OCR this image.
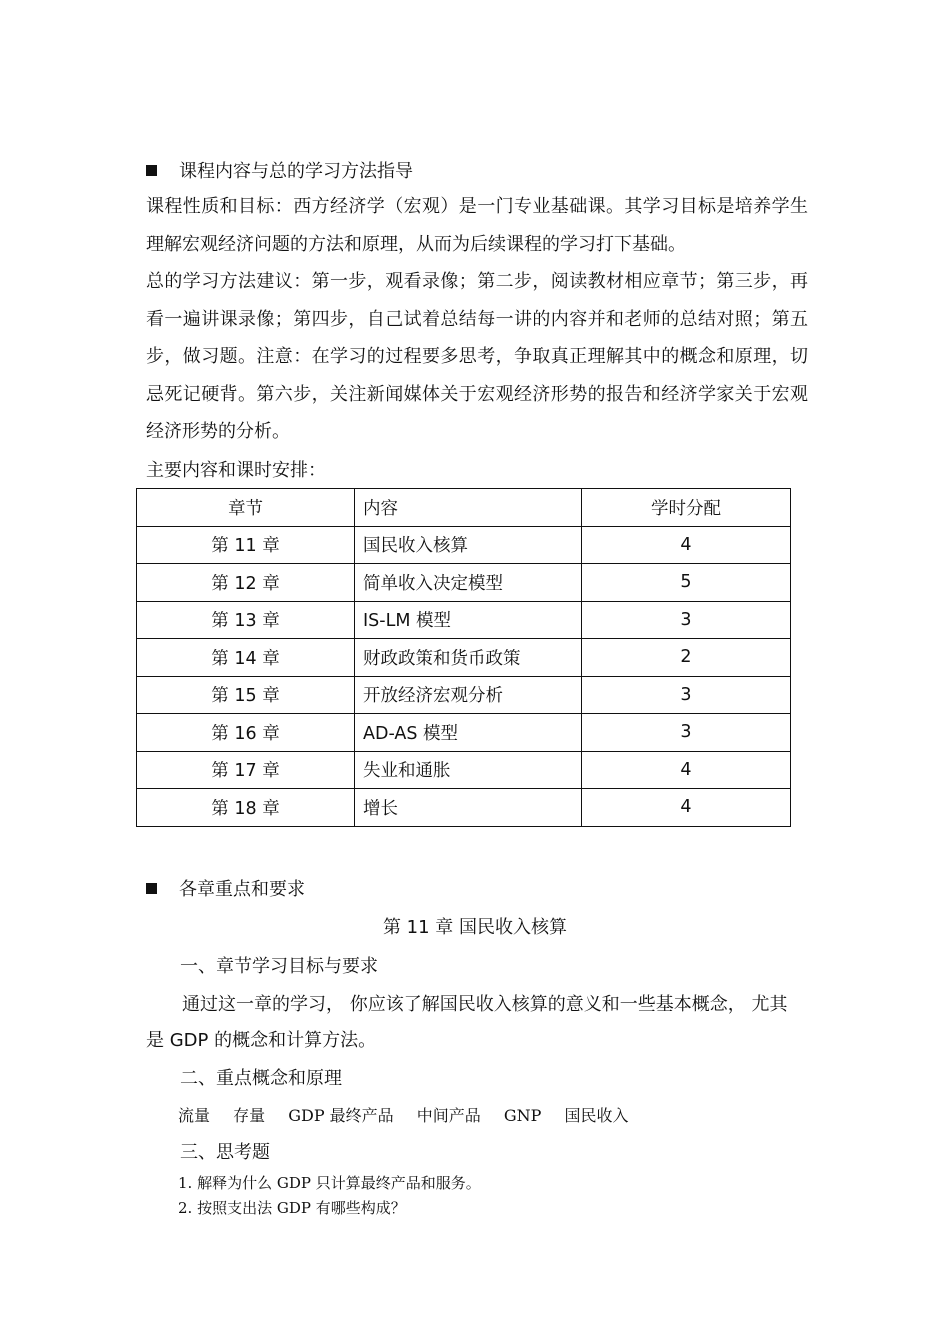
课程内容与总的学习方法指导

课程性质和目标：西方经济学（宏观）是一门专业基础课。其学习目标是培养学生理解宏观经济问题的方法和原理，从而为后续课程的学习打下基础。

总的学习方法建议：第一步，观看录像；第二步，阅读教材相应章节；第三步，再看一遍讲课录像；第四步，自己试着总结每一讲的内容并和老师的总结对照；第五步，做习题。注意：在学习的过程要多思考，争取真正理解其中的概念和原理，切忌死记硬背。第六步，关注新闻媒体关于宏观经济形势的报告和经济学家关于宏观经济形势的分析。

主要内容和课时安排：
章节	内容	学时分配
第 11 章	国民收入核算	4
第 12 章	简单收入决定模型	5
第 13 章	IS-LM 模型	3
第 14 章	财政政策和货币政策	2
第 15 章	开放经济宏观分析	3
第 16 章	AD-AS 模型	3
第 17 章	失业和通胀	4
第 18 章	增长	4
各章重点和要求
第 11 章 国民收入核算
一、章节学习目标与要求
通过这一章的学习， 你应该了解国民收入核算的意义和一些基本概念， 尤其
是 GDP 的概念和计算方法。
二、重点概念和原理
流量 存量 GDP 最终产品 中间产品 GNP 国民收入
三、思考题
1. 解释为什么 GDP 只计算最终产品和服务。
2. 按照支出法 GDP 有哪些构成？
